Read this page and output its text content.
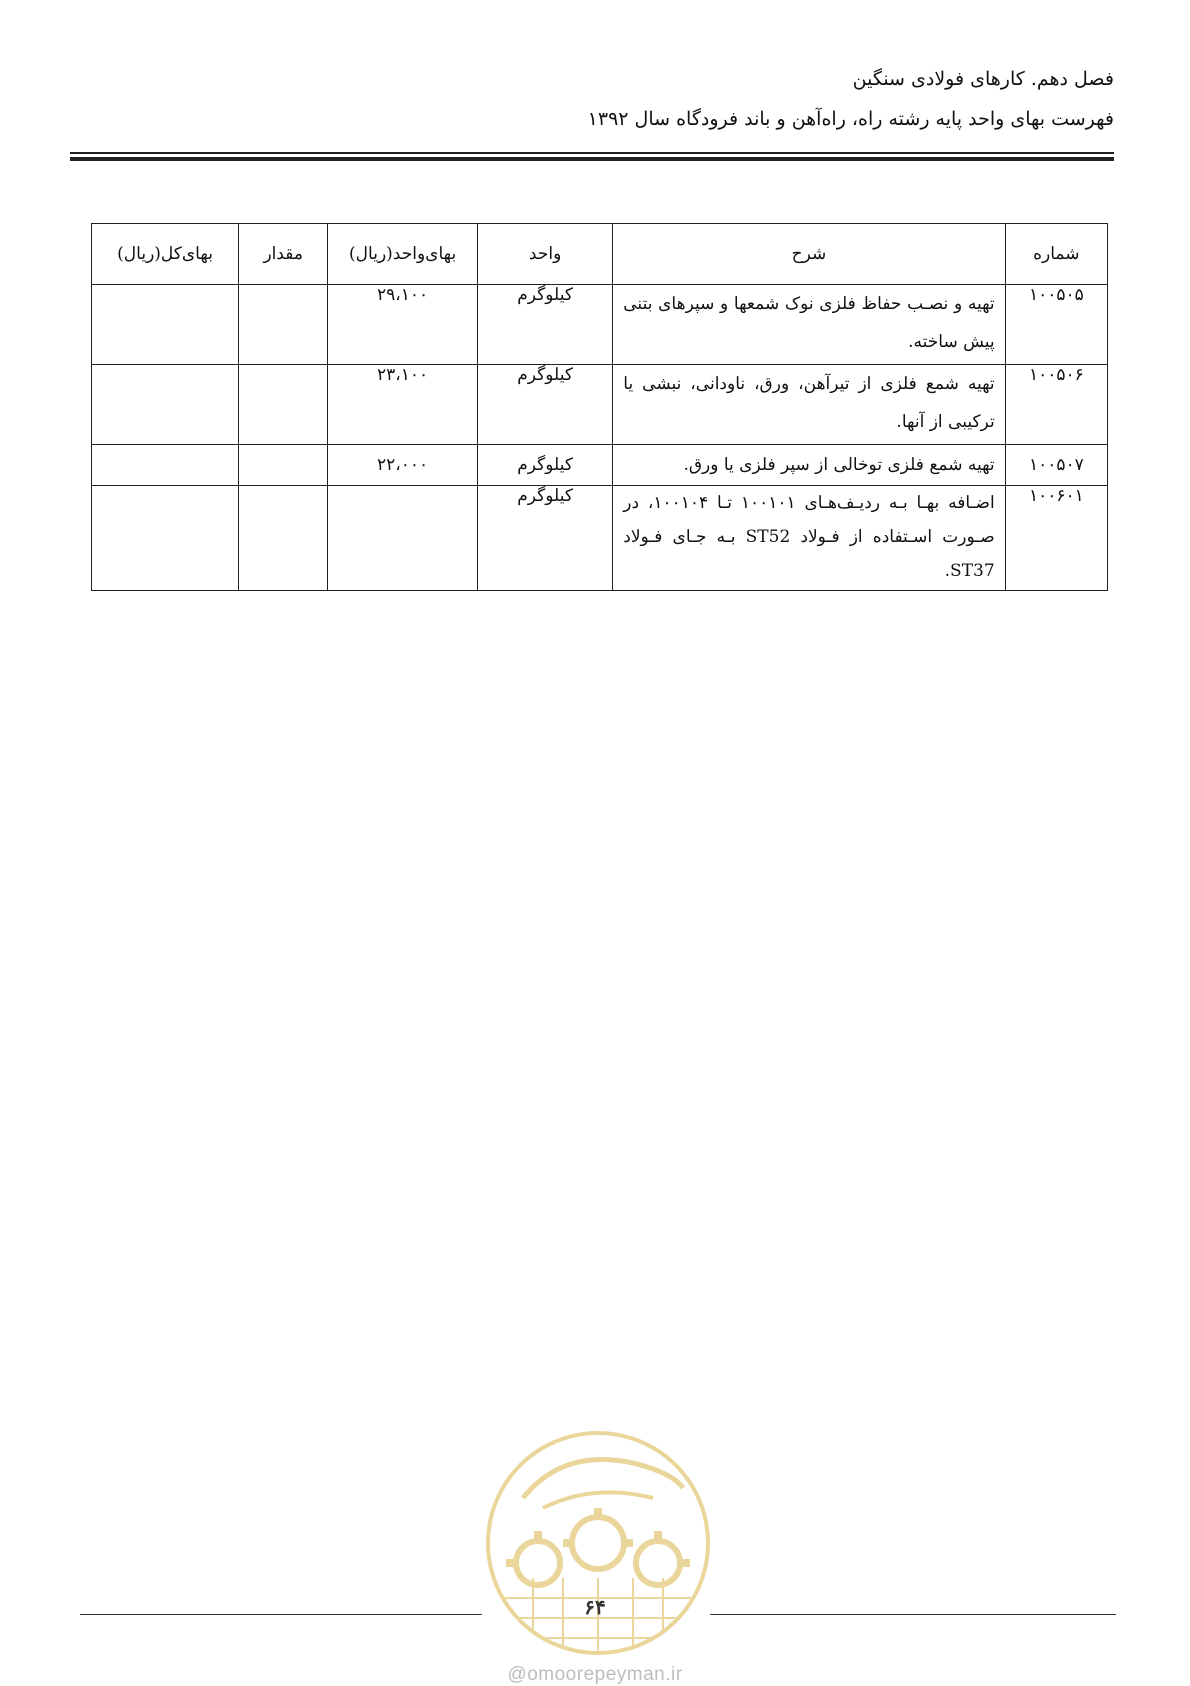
فصل دهم. کارهای فولادی سنگین
فهرست بهای واحد پایه رشته راه، راه‌آهن و باند فرودگاه سال ۱۳۹۲
شماره	شرح	واحد	بهای‌واحد(ریال)	مقدار	بهای‌کل(ریال)
۱۰۰۵۰۵	تهیه و نصـب حفاظ فلزی نوک شمعها و سپرهای بتنی پیش ساخته.	کیلوگرم	۲۹،۱۰۰		
۱۰۰۵۰۶	تهیه شمع فلزی از تیرآهن، ورق، ناودانی، نبشی یا ترکیبی از آنها.	کیلوگرم	۲۳،۱۰۰		
۱۰۰۵۰۷	تهیه شمع فلزی توخالی از سپر فلزی یا ورق.	کیلوگرم	۲۲،۰۰۰		
۱۰۰۶۰۱	اضـافه بهـا بـه ردیـف‌هـای ۱۰۰۱۰۱ تـا ۱۰۰۱۰۴، در صـورت اسـتفاده از فـولاد ST52 بـه جـای فـولاد ST37.	کیلوگرم			
۶۴
@omoorepeyman.ir
